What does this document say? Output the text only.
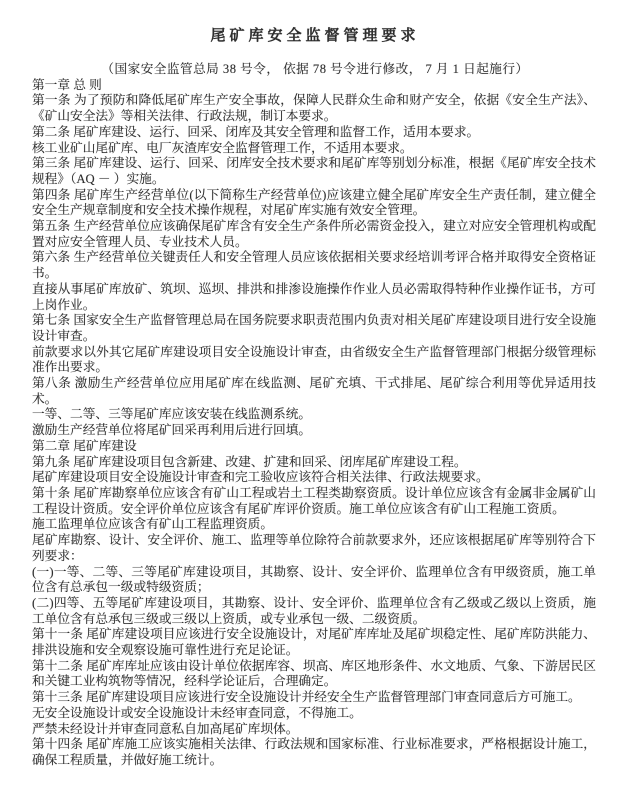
尾矿库安全监督管理要求

（国家安全监管总局 38 号令， 依据 78 号令进行修改， 7 月 1 日起施行）

第一章 总 则

第一条 为了预防和降低尾矿库生产安全事故，保障人民群众生命和财产安全，依据《安全生产法》、《矿山安全法》等相关法律、行政法规，制订本要求。

第二条 尾矿库建设、运行、回采、闭库及其安全管理和监督工作，适用本要求。

核工业矿山尾矿库、电厂灰渣库安全监督管理工作，不适用本要求。

第三条 尾矿库建设、运行、回采、闭库安全技术要求和尾矿库等别划分标准，根据《尾矿库安全技术规程》（AQ － ）实施。

第四条 尾矿库生产经营单位(以下简称生产经营单位)应该建立健全尾矿库安全生产责任制，建立健全安全生产规章制度和安全技术操作规程，对尾矿库实施有效安全管理。

第五条 生产经营单位应该确保尾矿库含有安全生产条件所必需资金投入，建立对应安全管理机构或配置对应安全管理人员、专业技术人员。

第六条 生产经营单位关键责任人和安全管理人员应该依据相关要求经培训考评合格并取得安全资格证书。

直接从事尾矿库放矿、筑坝、巡坝、排洪和排渗设施操作作业人员必需取得特种作业操作证书，方可上岗作业。

第七条 国家安全生产监督管理总局在国务院要求职责范围内负责对相关尾矿库建设项目进行安全设施设计审查。

前款要求以外其它尾矿库建设项目安全设施设计审查，由省级安全生产监督管理部门根据分级管理标准作出要求。

第八条 激励生产经营单位应用尾矿库在线监测、尾矿充填、干式排尾、尾矿综合利用等优异适用技术。

一等、二等、三等尾矿库应该安装在线监测系统。

激励生产经营单位将尾矿回采再利用后进行回填。

第二章 尾矿库建设

第九条 尾矿库建设项目包含新建、改建、扩建和回采、闭库尾矿库建设工程。

尾矿库建设项目安全设施设计审查和完工验收应该符合相关法律、行政法规要求。

第十条 尾矿库勘察单位应该含有矿山工程或岩土工程类勘察资质。设计单位应该含有金属非金属矿山工程设计资质。安全评价单位应该含有尾矿库评价资质。施工单位应该含有矿山工程施工资质。

施工监理单位应该含有矿山工程监理资质。

尾矿库勘察、设计、安全评价、施工、监理等单位除符合前款要求外，还应该根据尾矿库等别符合下列要求：

(一)一等、二等、三等尾矿库建设项目，其勘察、设计、安全评价、监理单位含有甲级资质，施工单位含有总承包一级或特级资质；

(二)四等、五等尾矿库建设项目，其勘察、设计、安全评价、监理单位含有乙级或乙级以上资质，施工单位含有总承包三级或三级以上资质，或专业承包一级、二级资质。

第十一条 尾矿库建设项目应该进行安全设施设计，对尾矿库库址及尾矿坝稳定性、尾矿库防洪能力、排洪设施和安全观察设施可靠性进行充足论证。

第十二条 尾矿库库址应该由设计单位依据库容、坝高、库区地形条件、水文地质、气象、下游居民区和关键工业构筑物等情况，经科学论证后，合理确定。

第十三条 尾矿库建设项目应该进行安全设施设计并经安全生产监督管理部门审查同意后方可施工。

无安全设施设计或安全设施设计未经审查同意，不得施工。

严禁未经设计并审查同意私自加高尾矿库坝体。

第十四条 尾矿库施工应该实施相关法律、行政法规和国家标准、行业标准要求，严格根据设计施工，确保工程质量，并做好施工统计。
